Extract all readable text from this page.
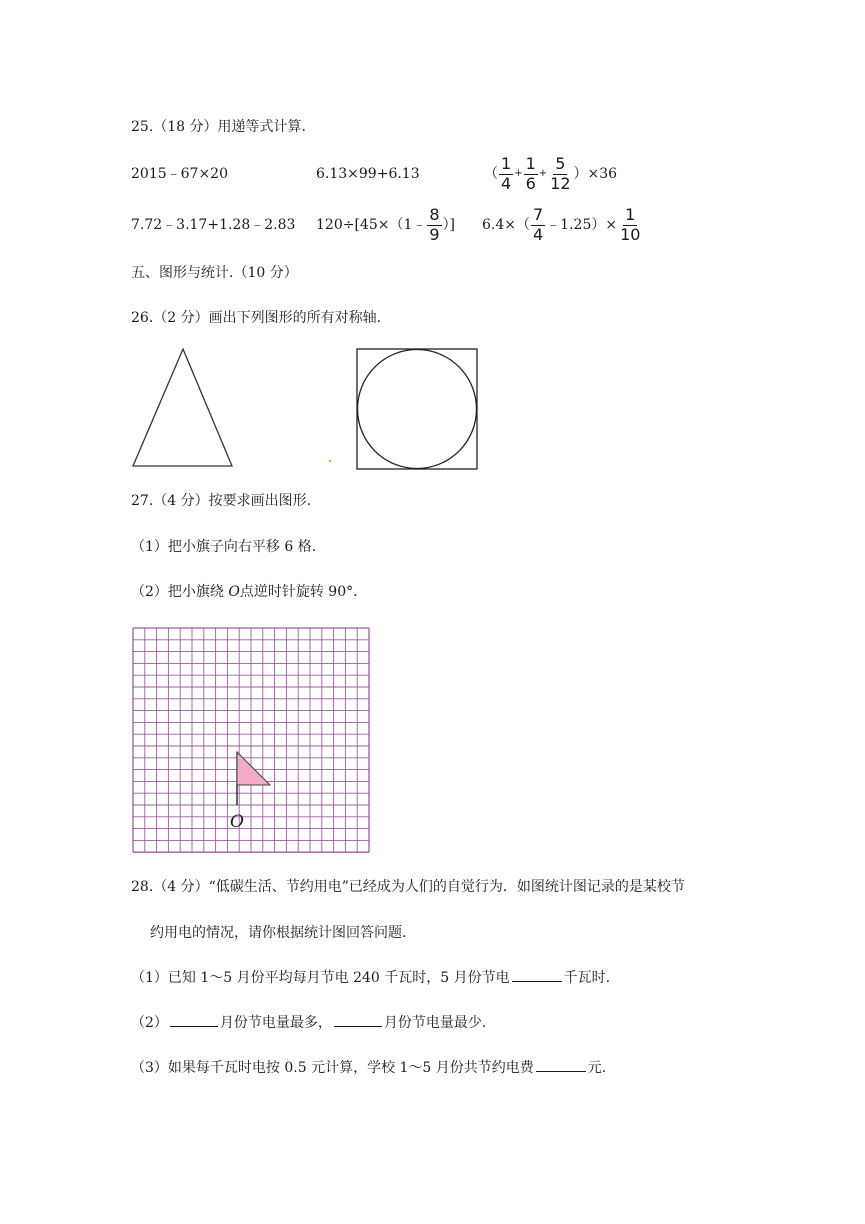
25.（18 分）用递等式计算.
2015﹣67×20	6.13×99+6.13	（ $\frac{1}{4} + \frac{1}{6} + \frac{5}{12} )\times 36$
7.72﹣3.17+1.28﹣2.83 120÷[45×（1﹣ $\frac{8}{9}$ ）] $6.4\times( \frac{7}{4}$ ﹣1.25）× $\frac{1}{10}$
五、图形与统计.（10 分）
26.（2 分）画出下列图形的所有对称轴.
27.（4 分）按要求画出图形.
（1）把小旗子向右平移 6 格.
（2）把小旗绕 O点逆时针旋转 90°．
O
28.（4 分）“低碳生活、节约用电”已经成为人们的自觉行为．如图统计图记录的是某校节
约用电的情况，请你根据统计图回答问题.
（1）已知 1～5 月份平均每月节电 240 千瓦时，5 月份节电	千瓦时.
（2）	月份节电量最多，	月份节电量最少.
（3）如果每千瓦时电按 0.5 元计算，学校 1～5 月份共节约电费	元.
